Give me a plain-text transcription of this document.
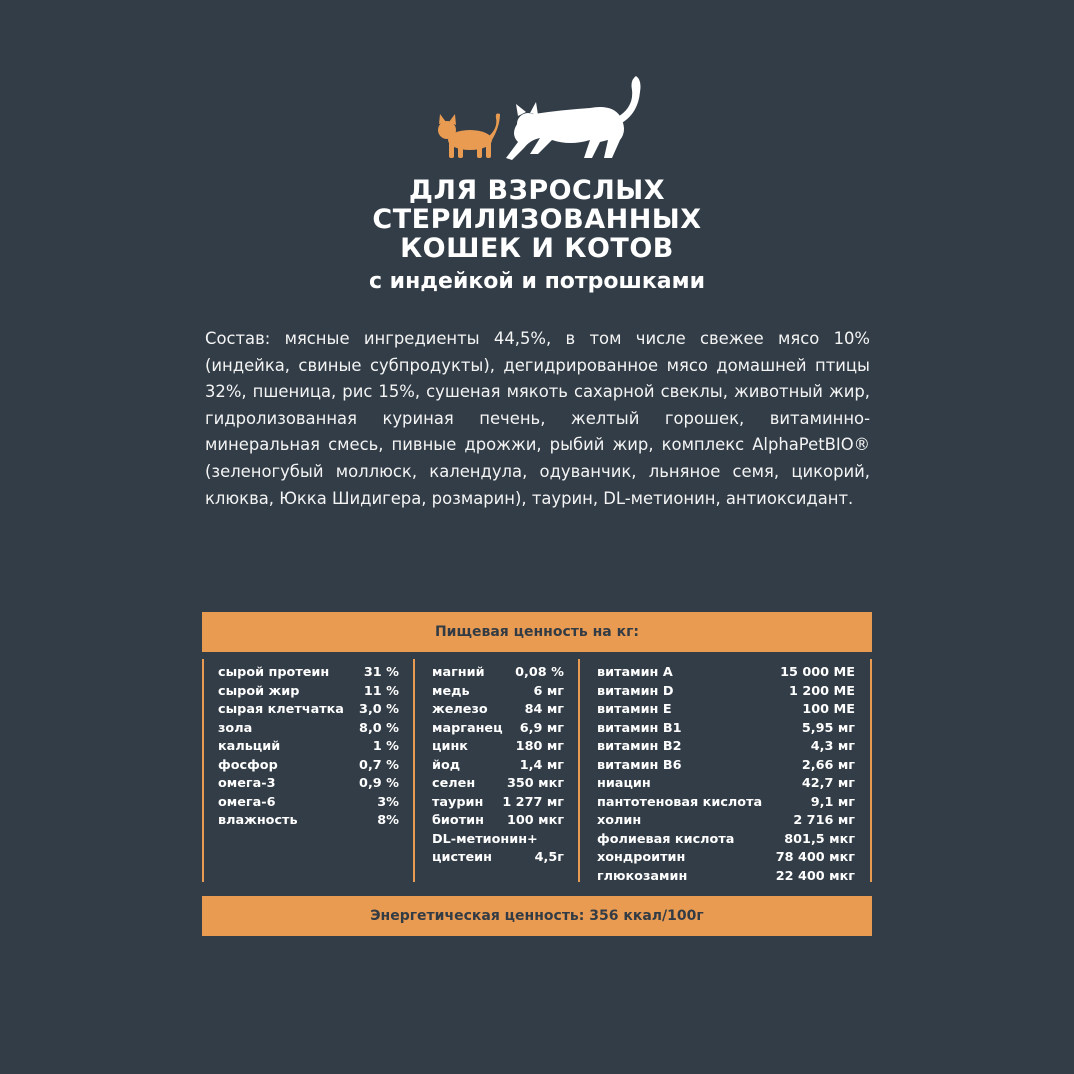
ДЛЯ ВЗРОСЛЫХ
СТЕРИЛИЗОВАННЫХ
КОШЕК И КОТОВ
с индейкой и потрошками
Состав: мясные ингредиенты 44,5%, в том числе свежее мясо 10% (индейка, свиные субпродукты), дегидрированное мясо домашней птицы 32%, пшеница, рис 15%, сушеная мякоть сахарной свеклы, животный жир, гидролизованная куриная печень, желтый горошек, витаминно-минеральная смесь, пивные дрожжи, рыбий жир, комплекс AlphaPetBIO® (зеленогубый моллюск, календула, одуванчик, льняное семя, цикорий, клюква, Юкка Шидигера, розмарин), таурин, DL-метионин, антиоксидант.
Пищевая ценность на кг:
сырой протеин	31 %
сырой жир	11 %
сырая клетчатка 3,0 %
зола	8,0 %
кальций	1 %
фосфор	0,7 %
омега-3	0,9 %
омега-6	3%
влажность	8%
магний 0,08 %
медь	6 мг
железо	84 мг
марганец 6,9 мг
цинк	180 мг
йод	1,4 мг
селен 350 мкг
таурин 1 277 мг
биотин 100 мкг
DL-метионин+
цистеин	4,5г
витамин А	15 000 МЕ
витамин D	1 200 МЕ
витамин Е	100 МЕ
витамин В1	5,95 мг
витамин В2	4,3 мг
витамин В6	2,66 мг
ниацин	42,7 мг
пантотеновая кислота	9,1 мг
холин	2 716 мг
фолиевая кислота	801,5 мкг
хондроитин	78 400 мкг
глюкозамин	22 400 мкг
Энергетическая ценность: 356 ккал/100г
